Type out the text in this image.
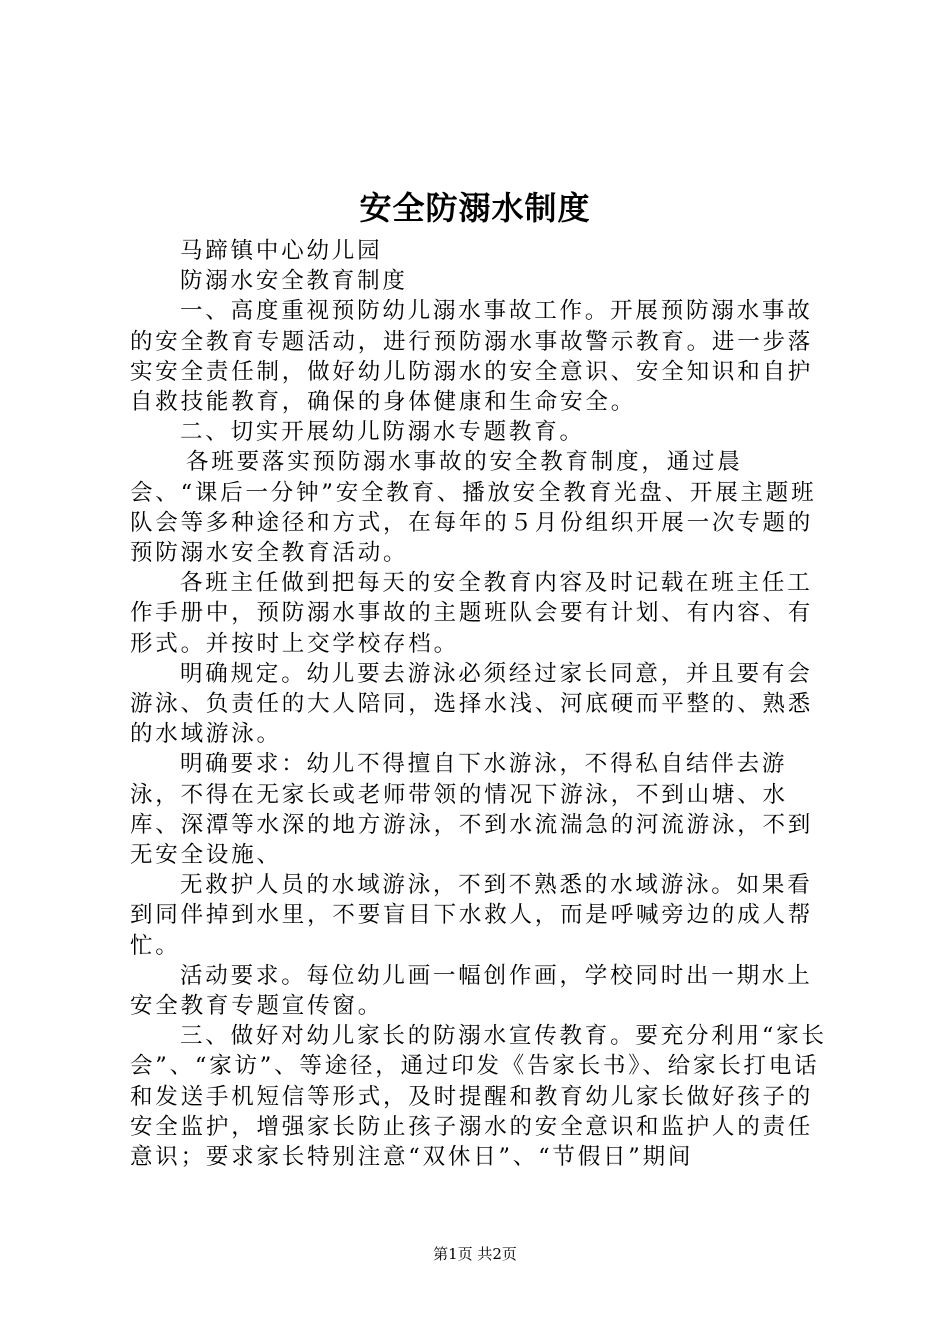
安全防溺水制度

马蹄镇中心幼儿园

防溺水安全教育制度

一、高度重视预防幼儿溺水事故工作。开展预防溺水事故的安全教育专题活动，进行预防溺水事故警示教育。进一步落实安全责任制，做好幼儿防溺水的安全意识、安全知识和自护自救技能教育，确保的身体健康和生命安全。

二、切实开展幼儿防溺水专题教育。

各班要落实预防溺水事故的安全教育制度，通过晨会、“课后一分钟”安全教育、播放安全教育光盘、开展主题班队会等多种途径和方式，在每年的５月份组织开展一次专题的预防溺水安全教育活动。

各班主任做到把每天的安全教育内容及时记载在班主任工作手册中，预防溺水事故的主题班队会要有计划、有内容、有形式。并按时上交学校存档。

明确规定。幼儿要去游泳必须经过家长同意，并且要有会游泳、负责任的大人陪同，选择水浅、河底硬而平整的、熟悉的水域游泳。

明确要求：幼儿不得擅自下水游泳，不得私自结伴去游泳，不得在无家长或老师带领的情况下游泳，不到山塘、水库、深潭等水深的地方游泳，不到水流湍急的河流游泳，不到无安全设施、

无救护人员的水域游泳，不到不熟悉的水域游泳。如果看到同伴掉到水里，不要盲目下水救人，而是呼喊旁边的成人帮忙。

活动要求。每位幼儿画一幅创作画，学校同时出一期水上安全教育专题宣传窗。

三、做好对幼儿家长的防溺水宣传教育。要充分利用“家长会”、“家访”、等途径，通过印发《告家长书》、给家长打电话和发送手机短信等形式，及时提醒和教育幼儿家长做好孩子的安全监护，增强家长防止孩子溺水的安全意识和监护人的责任意识；要求家长特别注意“双休日”、“节假日”期间

第1页 共2页
